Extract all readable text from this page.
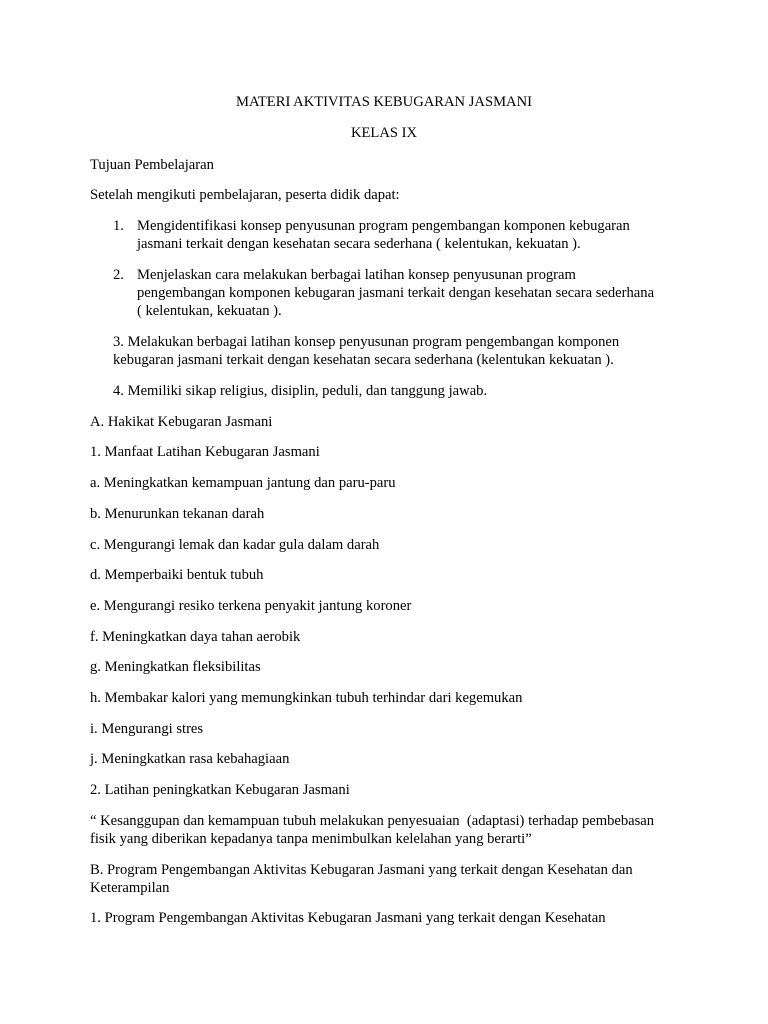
MATERI AKTIVITAS KEBUGARAN JASMANI
KELAS IX
Tujuan Pembelajaran
Setelah mengikuti pembelajaran, peserta didik dapat:
1. Mengidentifikasi konsep penyusunan program pengembangan komponen kebugaran
jasmani terkait dengan kesehatan secara sederhana ( kelentukan, kekuatan ).
2. Menjelaskan cara melakukan berbagai latihan konsep penyusunan program
pengembangan komponen kebugaran jasmani terkait dengan kesehatan secara sederhana
( kelentukan, kekuatan ).
3. Melakukan berbagai latihan konsep penyusunan program pengembangan komponen
kebugaran jasmani terkait dengan kesehatan secara sederhana (kelentukan kekuatan ).
4. Memiliki sikap religius, disiplin, peduli, dan tanggung jawab.
A. Hakikat Kebugaran Jasmani
1. Manfaat Latihan Kebugaran Jasmani
a. Meningkatkan kemampuan jantung dan paru-paru
b. Menurunkan tekanan darah
c. Mengurangi lemak dan kadar gula dalam darah
d. Memperbaiki bentuk tubuh
e. Mengurangi resiko terkena penyakit jantung koroner
f. Meningkatkan daya tahan aerobik
g. Meningkatkan fleksibilitas
h. Membakar kalori yang memungkinkan tubuh terhindar dari kegemukan
i. Mengurangi stres
j. Meningkatkan rasa kebahagiaan
2. Latihan peningkatkan Kebugaran Jasmani
“ Kesanggupan dan kemampuan tubuh melakukan penyesuaian  (adaptasi) terhadap pembebasan
fisik yang diberikan kepadanya tanpa menimbulkan kelelahan yang berarti”
B. Program Pengembangan Aktivitas Kebugaran Jasmani yang terkait dengan Kesehatan dan
Keterampilan
1. Program Pengembangan Aktivitas Kebugaran Jasmani yang terkait dengan Kesehatan
